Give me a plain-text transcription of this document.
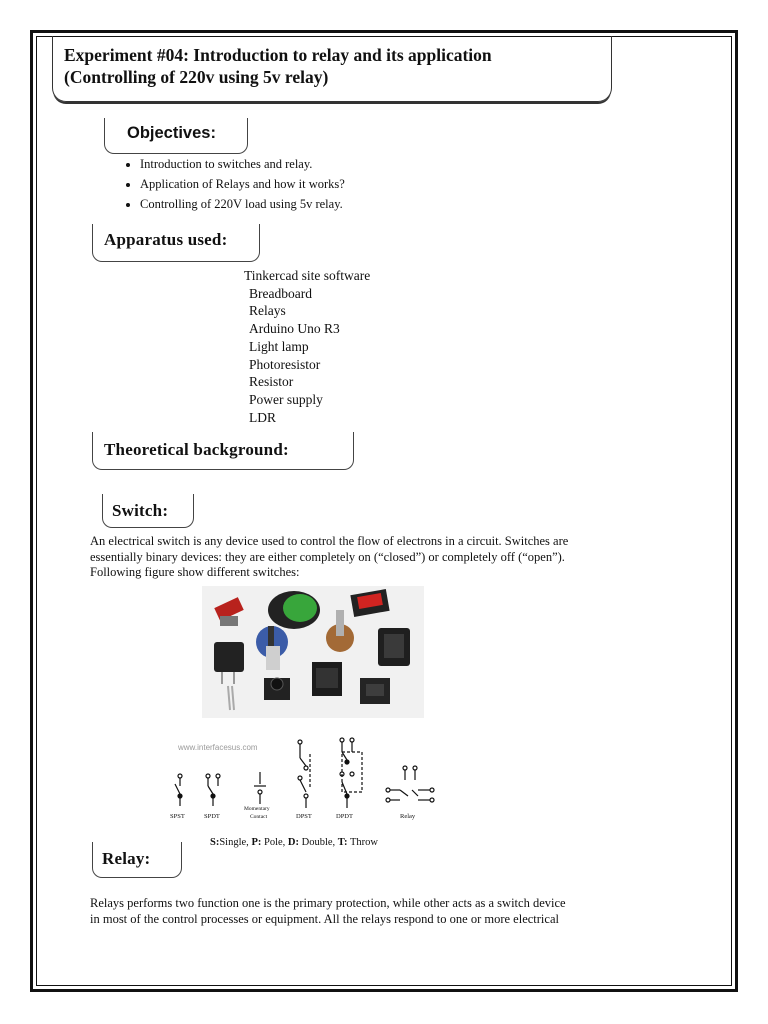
Experiment #04: Introduction to relay and its application
(Controlling of 220v using 5v relay)

Objectives:
• Introduction to switches and relay.
• Application of Relays and how it works?
• Controlling of 220V load using 5v relay.
Apparatus used:
Tinkercad site software
Breadboard
Relays
Arduino Uno R3
Light lamp
Photoresistor
Resistor
Power supply
LDR
Theoretical background:
Switch:

An electrical switch is any device used to control the flow of electrons in a circuit. Switches are
essentially binary devices: they are either completely on (“closed”) or completely off (“open”).
Following figure show different switches:

www.interfacesus.com
SPST	SPDT
Momentary
Contact	DPST	DPDT	Relay

S:Single, P: Pole, D: Double, T: Throw

Relay:

Relays performs two function one is the primary protection, while other acts as a switch device
in most of the control processes or equipment. All the relays respond to one or more electrical
